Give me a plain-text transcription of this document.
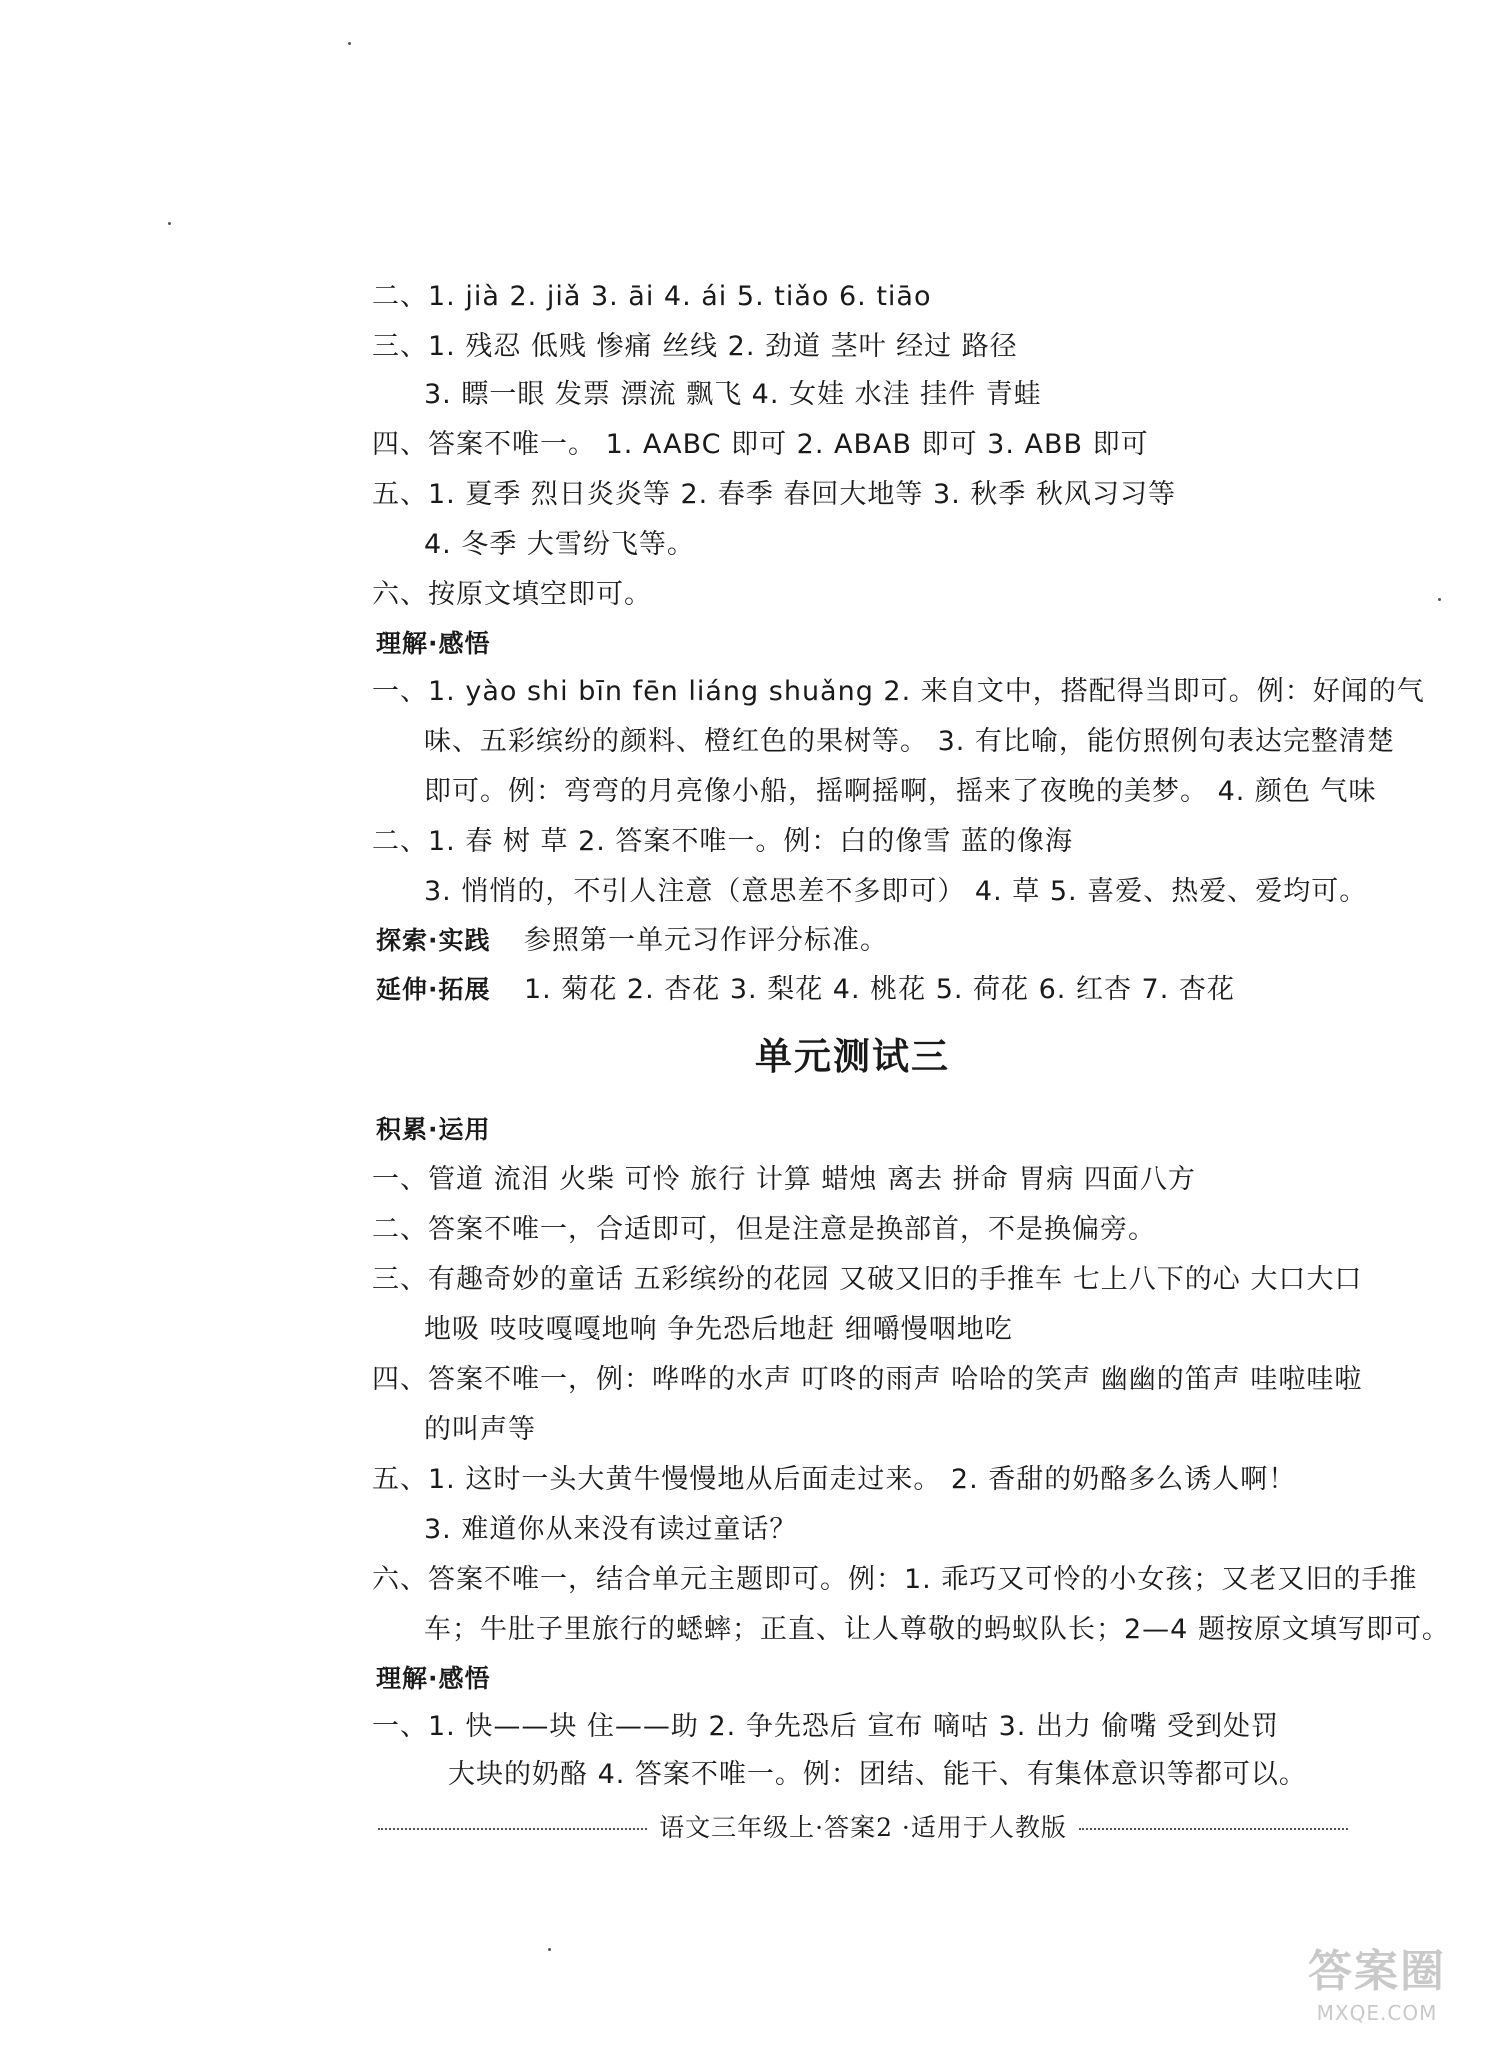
二、1. jià 2. jiǎ 3. āi 4. ái 5. tiǎo 6. tiāo
三、1. 残忍 低贱 惨痛 丝线 2. 劲道 茎叶 经过 路径
3. 瞟一眼 发票 漂流 飘飞 4. 女娃 水洼 挂件 青蛙
四、答案不唯一。 1. AABC 即可 2. ABAB 即可 3. ABB 即可
五、1. 夏季 烈日炎炎等 2. 春季 春回大地等 3. 秋季 秋风习习等
4. 冬季 大雪纷飞等。
六、按原文填空即可。
理解·感悟
一、1. yào shi bīn fēn liáng shuǎng 2. 来自文中，搭配得当即可。例：好闻的气
味、五彩缤纷的颜料、橙红色的果树等。 3. 有比喻，能仿照例句表达完整清楚
即可。例：弯弯的月亮像小船，摇啊摇啊，摇来了夜晚的美梦。 4. 颜色 气味
二、1. 春 树 草 2. 答案不唯一。例：白的像雪 蓝的像海
3. 悄悄的，不引人注意（意思差不多即可） 4. 草 5. 喜爱、热爱、爱均可。
探索·实践 参照第一单元习作评分标准。
延伸·拓展 1. 菊花 2. 杏花 3. 梨花 4. 桃花 5. 荷花 6. 红杏 7. 杏花
单元测试三
积累·运用
一、管道 流泪 火柴 可怜 旅行 计算 蜡烛 离去 拼命 胃病 四面八方
二、答案不唯一，合适即可，但是注意是换部首，不是换偏旁。
三、有趣奇妙的童话 五彩缤纷的花园 又破又旧的手推车 七上八下的心 大口大口
地吸 吱吱嘎嘎地响 争先恐后地赶 细嚼慢咽地吃
四、答案不唯一，例：哗哗的水声 叮咚的雨声 哈哈的笑声 幽幽的笛声 哇啦哇啦
的叫声等
五、1. 这时一头大黄牛慢慢地从后面走过来。 2. 香甜的奶酪多么诱人啊！
3. 难道你从来没有读过童话？
六、答案不唯一，结合单元主题即可。例：1. 乖巧又可怜的小女孩；又老又旧的手推
车；牛肚子里旅行的蟋蟀；正直、让人尊敬的蚂蚁队长；2—4 题按原文填写即可。
理解·感悟
一、1. 快——块 住——助 2. 争先恐后 宣布 嘀咕 3. 出力 偷嘴 受到处罚
大块的奶酪 4. 答案不唯一。例：团结、能干、有集体意识等都可以。
语文三年级上·答案2 ·适用于人教版
答案圈
MXQE.COM
